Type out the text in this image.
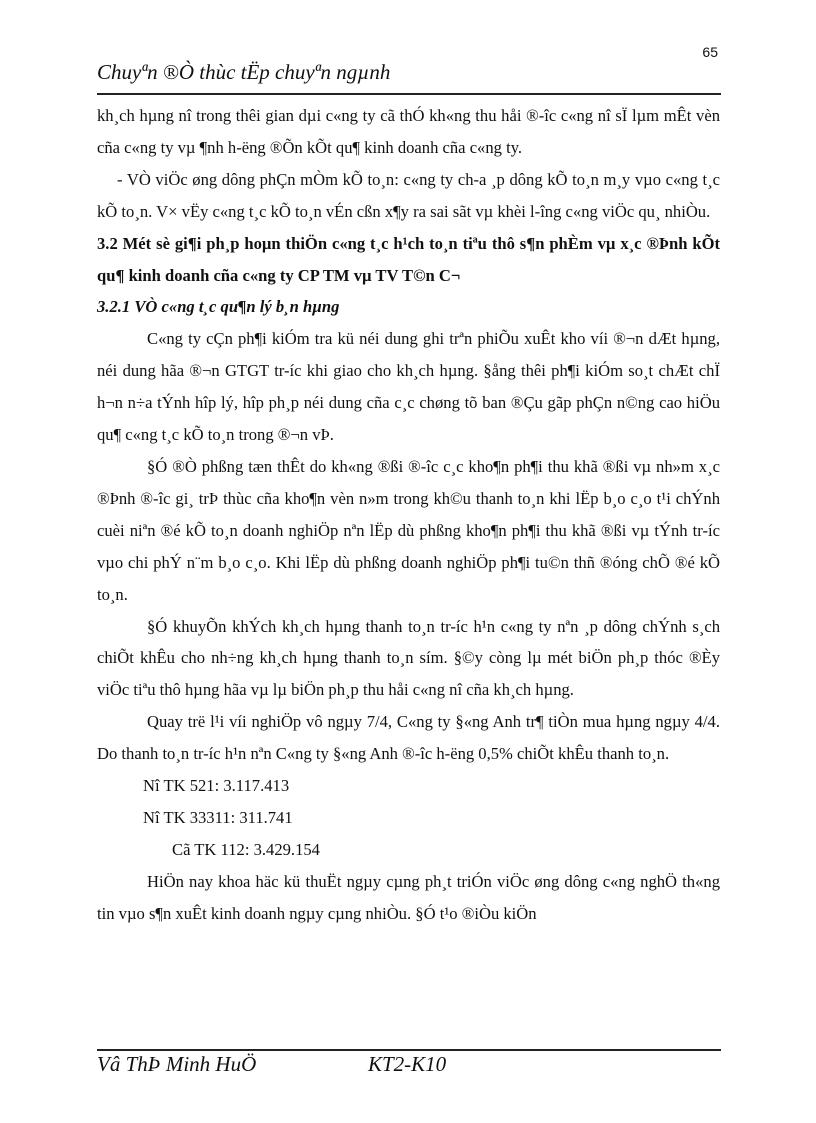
65
Chuyªn ®Ò thùc tËp chuyªn ngµnh

kh¸ch hµng nî trong thêi gian dµi c«ng ty cã thÓ kh«ng thu håi ®-îc c«ng nî sÏ lµm mÊt vèn cña c«ng ty vµ ¶nh h-ëng ®Õn kÕt qu¶ kinh doanh cña c«ng ty.

- VÒ viÖc øng dông phÇn mÒm kÕ to¸n: c«ng ty ch-a ¸p dông kÕ to¸n m¸y vµo c«ng t¸c kÕ to¸n. V× vËy c«ng t¸c kÕ to¸n vÉn cßn x¶y ra sai sãt vµ khèi l-îng c«ng viÖc qu¸ nhiÒu.

3.2 Mét sè gi¶i ph¸p hoµn thiÖn c«ng t¸c h¹ch to¸n tiªu thô s¶n phÈm vµ x¸c ®Þnh kÕt qu¶ kinh doanh cña c«ng ty CP TM vµ TV T©n C¬

3.2.1 VÒ c«ng t¸c qu¶n lý b¸n hµng

C«ng ty cÇn ph¶i kiÓm tra kü néi dung ghi trªn phiÕu xuÊt kho víi ®¬n dÆt hµng, néi dung hãa ®¬n GTGT tr-íc khi giao cho kh¸ch hµng. §ång thêi ph¶i kiÓm so¸t chÆt chÏ h¬n n÷a tÝnh hîp lý, hîp ph¸p néi dung cña c¸c chøng tõ ban ®Çu gãp phÇn n©ng cao hiÖu qu¶ c«ng t¸c kÕ to¸n trong ®¬n vÞ.

§Ó ®Ò phßng tæn thÊt do kh«ng ®ßi ®-îc c¸c kho¶n ph¶i thu khã ®ßi vµ nh»m x¸c ®Þnh ®-îc gi¸ trÞ thùc cña kho¶n vèn n»m trong kh©u thanh to¸n khi lËp b¸o c¸o t¹i chÝnh cuèi niªn ®é kÕ to¸n doanh nghiÖp nªn lËp dù phßng kho¶n ph¶i thu khã ®ßi vµ tÝnh tr-íc vµo chi phÝ n¨m b¸o c¸o. Khi lËp dù phßng doanh nghiÖp ph¶i tu©n thñ ®óng chÕ ®é kÕ to¸n.

§Ó khuyÕn khÝch kh¸ch hµng thanh to¸n tr-íc h¹n c«ng ty nªn ¸p dông chÝnh s¸ch chiÕt khÊu cho nh÷ng kh¸ch hµng thanh to¸n sím. §©y còng lµ mét biÖn ph¸p thóc ®Èy viÖc tiªu thô hµng hãa vµ lµ biÖn ph¸p thu håi c«ng nî cña kh¸ch hµng.

Quay trë l¹i víi nghiÖp vô ngµy 7/4, C«ng ty §«ng Anh tr¶ tiÒn mua hµng ngµy 4/4. Do thanh to¸n tr-íc h¹n nªn C«ng ty §«ng Anh ®-îc h-ëng 0,5% chiÕt khÊu thanh to¸n.

Nî TK 521: 3.117.413

Nî TK 33311: 311.741

Cã TK 112: 3.429.154

HiÖn nay khoa häc kü thuËt ngµy cµng ph¸t triÓn viÖc øng dông c«ng nghÖ th«ng tin vµo s¶n xuÊt kinh doanh ngµy cµng nhiÒu. §Ó t¹o ®iÒu kiÖn

Vâ ThÞ Minh HuÖ	KT2-K10
